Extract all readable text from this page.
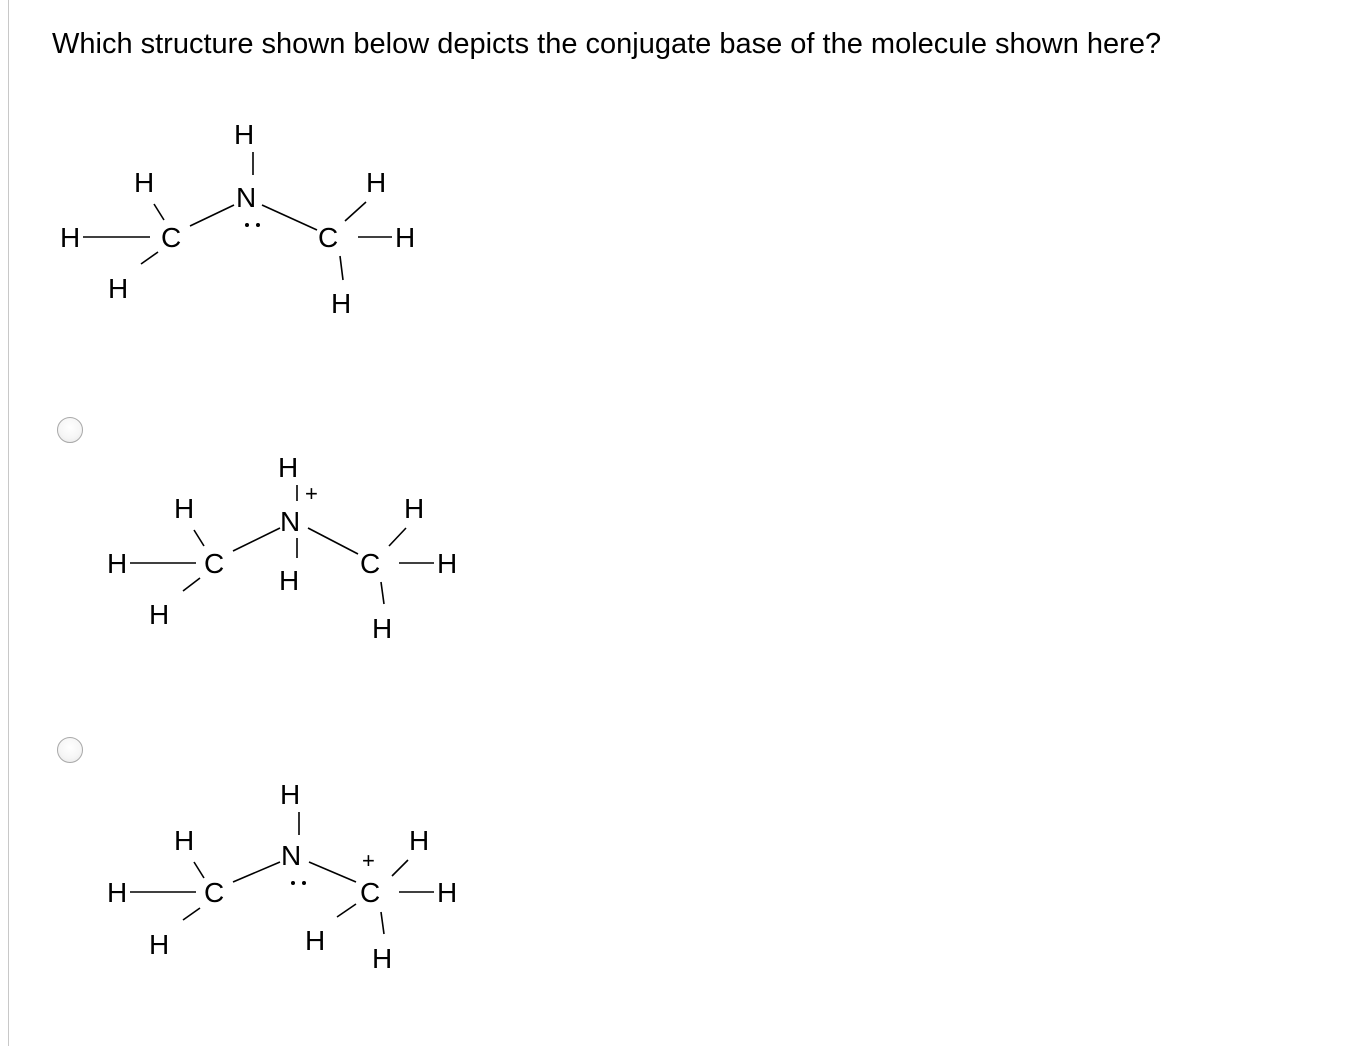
Which structure shown below depicts the conjugate base of the molecule shown here?
H
N
H
H	C
H
H
C H
H
H
+
N
H
H
H	C
H
H
C H
H
H
N
H
H	C
H
+
H
C H
H
H
